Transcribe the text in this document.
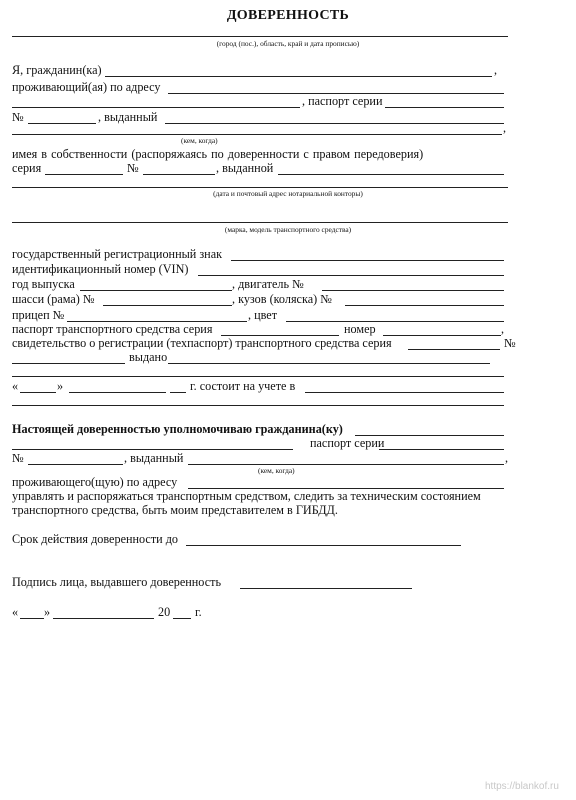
ДОВЕРЕННОСТЬ
(город (пос.), область, край и дата прописью)
Я, гражданин(ка)	,
проживающий(ая) по адресу
, паспорт серии
№	, выданный
,
(кем, когда)
имея в собственности (распоряжаясь по доверенности с правом передоверия)
серия	№	, выданной
(дата и почтовый адрес нотариальной конторы)
(марка, модель транспортного средства)
государственный регистрационный знак
идентификационный номер (VIN)
год выпуска	, двигатель №
шасси (рама) №	, кузов (коляска) №
прицеп №	, цвет
паспорт транспортного средства серия	номер	,
свидетельство о регистрации (техпаспорт) транспортного средства серия	№
выдано
«	»	г. состоит на учете в
Настоящей доверенностью уполномочиваю гражданина(ку)
паспорт серии
№	, выданный	,
(кем, когда)
проживающего(щую) по адресу
управлять и распоряжаться транспортным средством, следить за техническим состоянием
транспортного средства, быть моим представителем в ГИБДД.
Срок действия доверенности до
Подпись лица, выдавшего доверенность
« »	20 г.
https://blankof.ru
